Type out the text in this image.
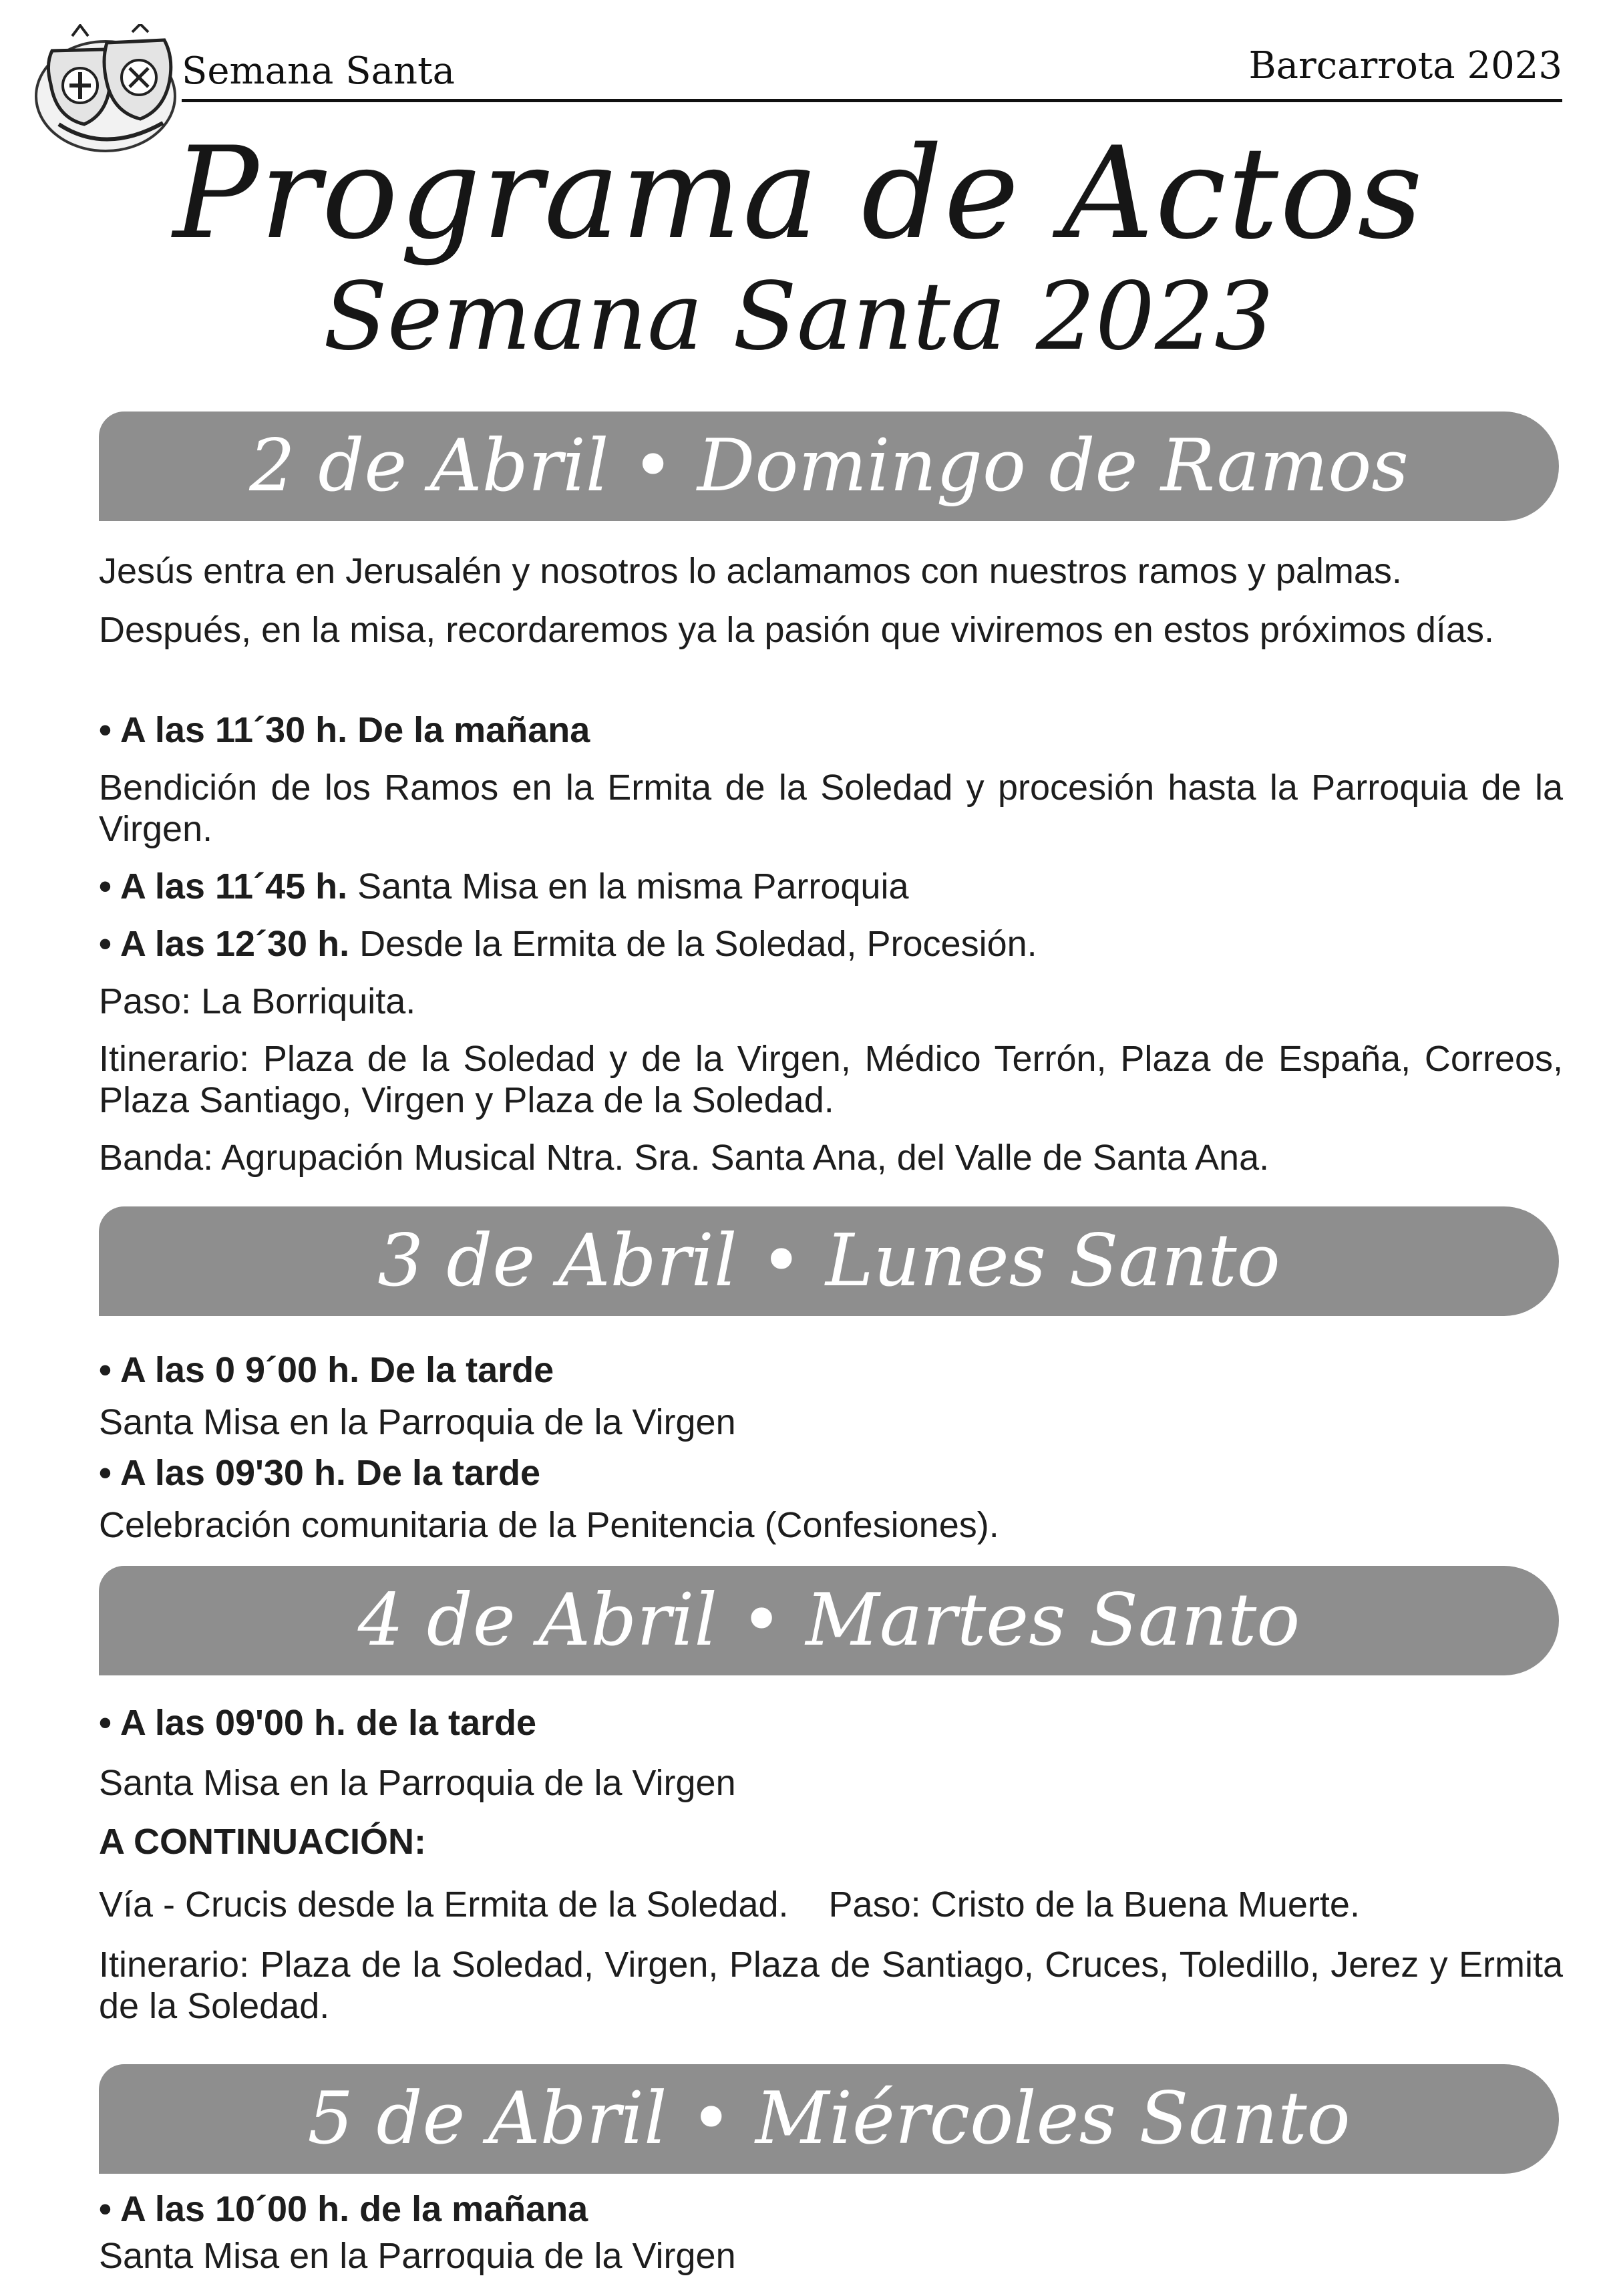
Semana Santa	Barcarrota 2023
Programa de Actos
Semana Santa 2023
2 de Abril • Domingo de Ramos
Jesús entra en Jerusalén y nosotros lo aclamamos con nuestros ramos y palmas.
Después, en la misa, recordaremos ya la pasión que viviremos en estos próximos días.
• A las 11´30 h. De la mañana
Bendición de los Ramos en la Ermita de la Soledad y procesión hasta la Parroquia de la Virgen.
• A las 11´45 h. Santa Misa en la misma Parroquia
• A las 12´30 h. Desde la Ermita de la Soledad, Procesión.
Paso: La Borriquita.
Itinerario: Plaza de la Soledad y de la Virgen, Médico Terrón, Plaza de España, Correos, Plaza Santiago, Virgen y Plaza de la Soledad.
Banda: Agrupación Musical Ntra. Sra. Santa Ana, del Valle de Santa Ana.
3 de Abril • Lunes Santo
• A las 0 9´00 h. De la tarde
Santa Misa en la Parroquia de la Virgen
• A las 09'30 h. De la tarde
Celebración comunitaria de la Penitencia (Confesiones).
4 de Abril • Martes Santo
• A las 09'00 h. de la tarde
Santa Misa en la Parroquia de la Virgen
A CONTINUACIÓN:
Vía - Crucis desde la Ermita de la Soledad. Paso: Cristo de la Buena Muerte.
Itinerario: Plaza de la Soledad, Virgen, Plaza de Santiago, Cruces, Toledillo, Jerez y Ermita de la Soledad.
5 de Abril • Miércoles Santo
• A las 10´00 h. de la mañana
Santa Misa en la Parroquia de la Virgen
